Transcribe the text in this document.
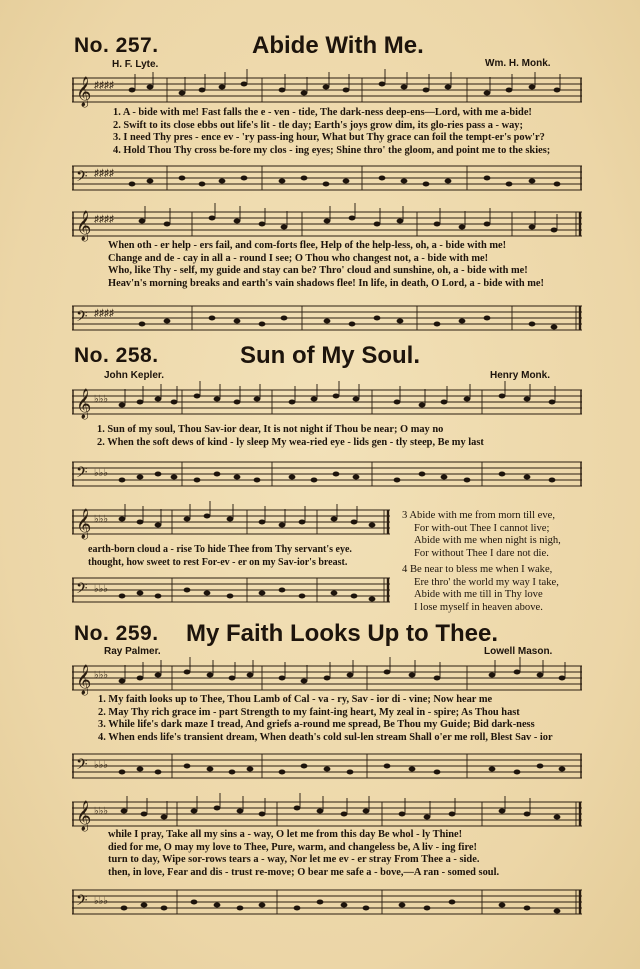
No. 257.	Abide With Me.
H. F. Lyte.	Wm. H. Monk.
𝄞 ♯♯♯♯
1. A - bide with me! Fast falls the e - ven - tide, The dark-ness deep-ens—Lord, with me a-bide!
2. Swift to its close ebbs out life's lit - tle day; Earth's joys grow dim, its glo-ries pass a - way;
3. I need Thy pres - ence ev - 'ry pass-ing hour, What but Thy grace can foil the tempt-er's pow'r?
4. Hold Thou Thy cross be-fore my clos - ing eyes; Shine thro' the gloom, and point me to the skies;
𝄢 ♯♯♯♯
𝄞 ♯♯♯♯
When oth - er help - ers fail, and com-forts flee, Help of the help-less, oh, a - bide with me!
Change and de - cay in all a - round I see; O Thou who changest not, a - bide with me!
Who, like Thy - self, my guide and stay can be? Thro' cloud and sunshine, oh, a - bide with me!
Heav'n's morning breaks and earth's vain shadows flee! In life, in death, O Lord, a - bide with me!
𝄢 ♯♯♯♯
No. 258.	Sun of My Soul.
John Kepler.	Henry Monk.
𝄞 ♭♭♭
1. Sun of my soul, Thou Sav-ior dear, It is not night if Thou be near; O may no
2. When the soft dews of kind - ly sleep My wea-ried eye - lids gen - tly steep, Be my last
𝄢 ♭♭♭
𝄞 ♭♭♭
earth-born cloud a - rise To hide Thee from Thy servant's eye.
thought, how sweet to rest For-ev - er on my Sav-ior's breast.
𝄢 ♭♭♭
3 Abide with me from morn till eve,
For with-out Thee I cannot live;
Abide with me when night is nigh,
For without Thee I dare not die.
4 Be near to bless me when I wake,
Ere thro' the world my way I take,
Abide with me till in Thy love
I lose myself in heaven above.
No. 259. My Faith Looks Up to Thee.
Ray Palmer.	Lowell Mason.
𝄞 ♭♭♭
1. My faith looks up to Thee, Thou Lamb of Cal - va - ry, Sav - ior di - vine; Now hear me
2. May Thy rich grace im - part Strength to my faint-ing heart, My zeal in - spire; As Thou hast
3. While life's dark maze I tread, And griefs a-round me spread, Be Thou my Guide; Bid dark-ness
4. When ends life's transient dream, When death's cold sul-len stream Shall o'er me roll, Blest Sav - ior
𝄢 ♭♭♭
𝄞 ♭♭♭
while I pray, Take all my sins a - way, O let me from this day Be whol - ly Thine!
died for me, O may my love to Thee, Pure, warm, and changeless be, A liv - ing fire!
turn to day, Wipe sor-rows tears a - way, Nor let me ev - er stray From Thee a - side.
then, in love, Fear and dis - trust re-move; O bear me safe a - bove,—A ran - somed soul.
𝄢 ♭♭♭
